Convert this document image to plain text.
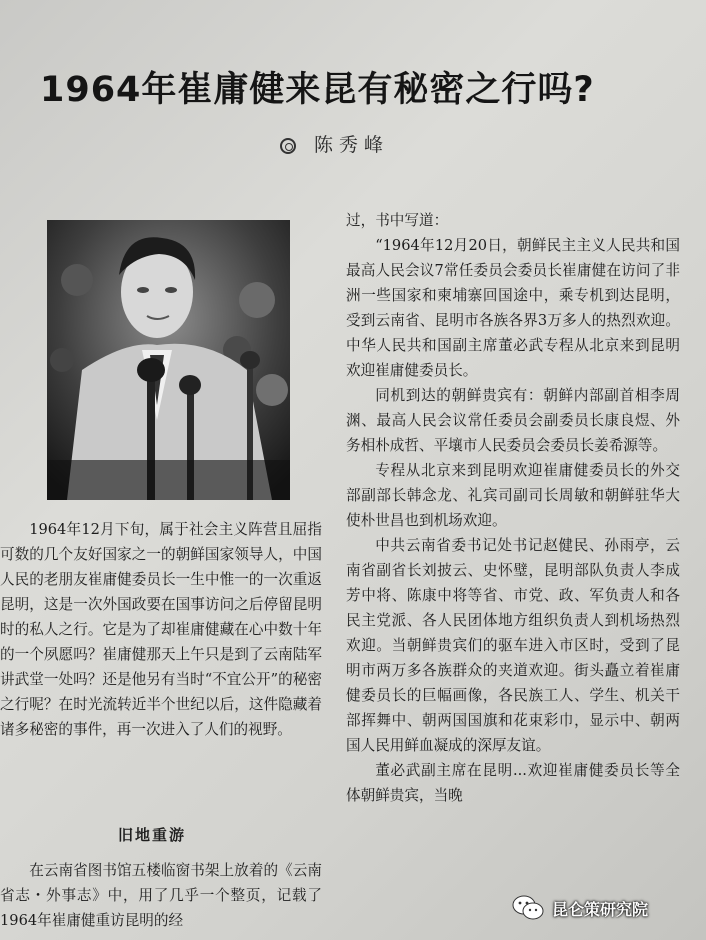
1964年崔庸健来昆有秘密之行吗?
陈秀峰

1964年12月下旬，属于社会主义阵营且屈指可数的几个友好国家之一的朝鲜国家领导人，中国人民的老朋友崔庸健委员长一生中惟一的一次重返昆明，这是一次外国政要在国事访问之后停留昆明时的私人之行。它是为了却崔庸健藏在心中数十年的一个夙愿吗？崔庸健那天上午只是到了云南陆军讲武堂一处吗？还是他另有当时“不宜公开”的秘密之行呢？在时光流转近半个世纪以后，这件隐藏着诸多秘密的事件，再一次进入了人们的视野。

旧地重游

在云南省图书馆五楼临窗书架上放着的《云南省志・外事志》中，用了几乎一个整页，记载了1964年崔庸健重访昆明的经

过，书中写道：

“1964年12月20日，朝鲜民主主义人民共和国最高人民会议7常任委员会委员长崔庸健在访问了非洲一些国家和柬埔寨回国途中，乘专机到达昆明，受到云南省、昆明市各族各界3万多人的热烈欢迎。中华人民共和国副主席董必武专程从北京来到昆明欢迎崔庸健委员长。

同机到达的朝鲜贵宾有：朝鲜内部副首相李周渊、最高人民会议常任委员会副委员长康良煜、外务相朴成哲、平壤市人民委员会委员长姜希源等。

专程从北京来到昆明欢迎崔庸健委员长的外交部副部长韩念龙、礼宾司副司长周敏和朝鲜驻华大使朴世昌也到机场欢迎。

中共云南省委书记处书记赵健民、孙雨亭，云南省副省长刘披云、史怀璧，昆明部队负责人李成芳中将、陈康中将等省、市党、政、军负责人和各民主党派、各人民团体地方组织负责人到机场热烈欢迎。当朝鲜贵宾们的驱车进入市区时，受到了昆明市两万多各族群众的夹道欢迎。街头矗立着崔庸健委员长的巨幅画像，各民族工人、学生、机关干部挥舞中、朝两国国旗和花束彩巾，显示中、朝两国人民用鲜血凝成的深厚友谊。

董必武副主席在昆明...欢迎崔庸健委员长等全体朝鲜贵宾，当晚

昆仑策研究院
